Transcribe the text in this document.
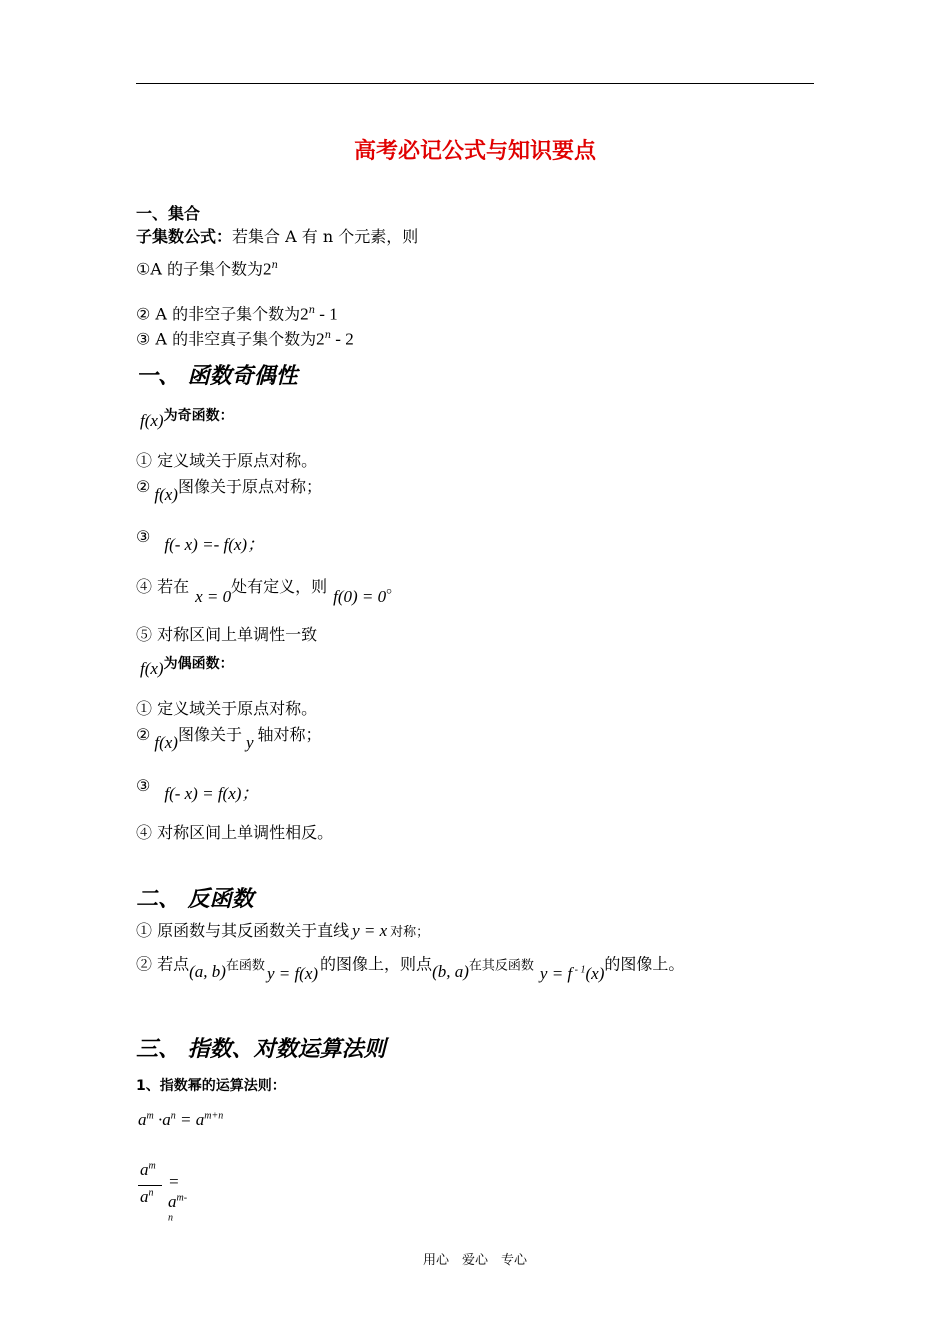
高考必记公式与知识要点
一、集合
子集数公式：若集合 A 有 n 个元素，则
①A 的子集个数为2$^n$
② A 的非空子集个数为2$^n$ - 1
③ A 的非空真子集个数为2$^n$ - 2
一、 函数奇偶性
f(x)为奇函数：
① 定义域关于原点对称。
② f(x)图像关于原点对称；
③ f(- x) =- f(x)；
④ 若在x = 0处有定义，则f(0) = 0。
⑤ 对称区间上单调性一致
f(x)为偶函数：
① 定义域关于原点对称。
② f(x)图像关于 y 轴对称；
③ f(- x) = f(x)；
④ 对称区间上单调性相反。
二、 反函数
① 原函数与其反函数关于直线 y = x 对称；
② 若点(a, b)在函数 y = f(x) 的图像上，则点(b, a)在其反函数 y = f $^{- 1}$(x)的图像上。
三、 指数、对数运算法则
1、指数幂的运算法则：
$a^m \cdot a^n = a^{m+n}$
$a^m$
$a^n$
= $a^{m- n}$
用心　爱心　专心
